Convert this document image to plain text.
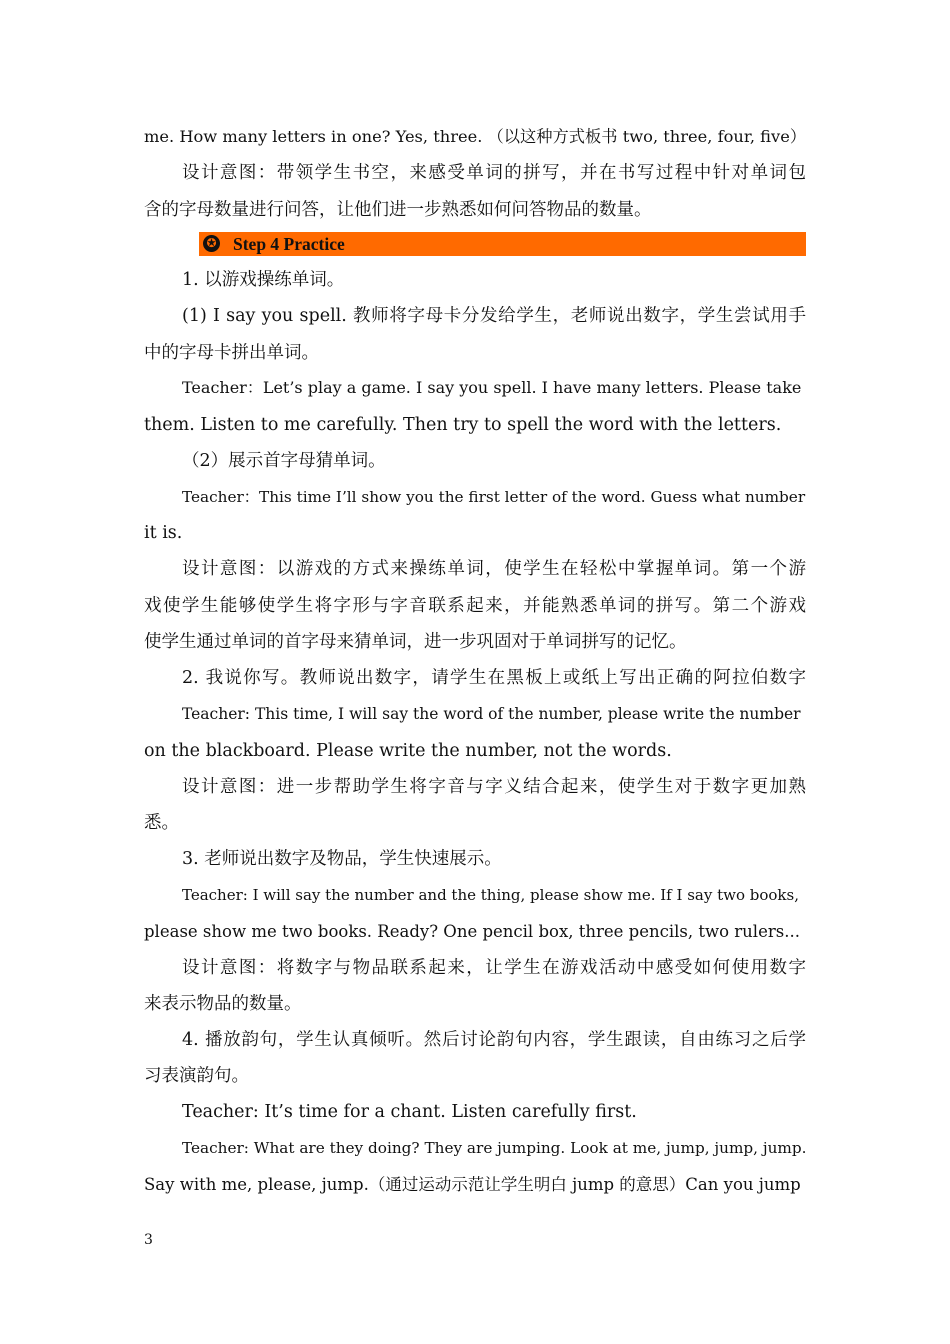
me. How many letters in one? Yes, three. （以这种方式板书 two, three, four, five）
设计意图：带领学生书空，来感受单词的拼写，并在书写过程中针对单词包
含的字母数量进行问答，让他们进一步熟悉如何问答物品的数量。
✪ Step 4 Practice
1. 以游戏操练单词。
(1) I say you spell. 教师将字母卡分发给学生，老师说出数字，学生尝试用手
中的字母卡拼出单词。
Teacher：Let’s play a game. I say you spell. I have many letters. Please take
them. Listen to me carefully. Then try to spell the word with the letters.
（2）展示首字母猜单词。
Teacher：This time I’ll show you the first letter of the word. Guess what number
it is.
设计意图：以游戏的方式来操练单词，使学生在轻松中掌握单词。第一个游
戏使学生能够使学生将字形与字音联系起来，并能熟悉单词的拼写。第二个游戏
使学生通过单词的首字母来猜单词，进一步巩固对于单词拼写的记忆。
2. 我说你写。教师说出数字，请学生在黑板上或纸上写出正确的阿拉伯数字
Teacher: This time, I will say the word of the number, please write the number
on the blackboard. Please write the number, not the words.
设计意图：进一步帮助学生将字音与字义结合起来，使学生对于数字更加熟
悉。
3. 老师说出数字及物品，学生快速展示。
Teacher: I will say the number and the thing, please show me. If I say two books,
please show me two books. Ready? One pencil box, three pencils, two rulers...
设计意图：将数字与物品联系起来，让学生在游戏活动中感受如何使用数字
来表示物品的数量。
4. 播放韵句，学生认真倾听。然后讨论韵句内容，学生跟读，自由练习之后学
习表演韵句。
Teacher: It’s time for a chant. Listen carefully first.
Teacher: What are they doing? They are jumping. Look at me, jump, jump, jump.
Say with me, please, jump.（通过运动示范让学生明白 jump 的意思）Can you jump
3
